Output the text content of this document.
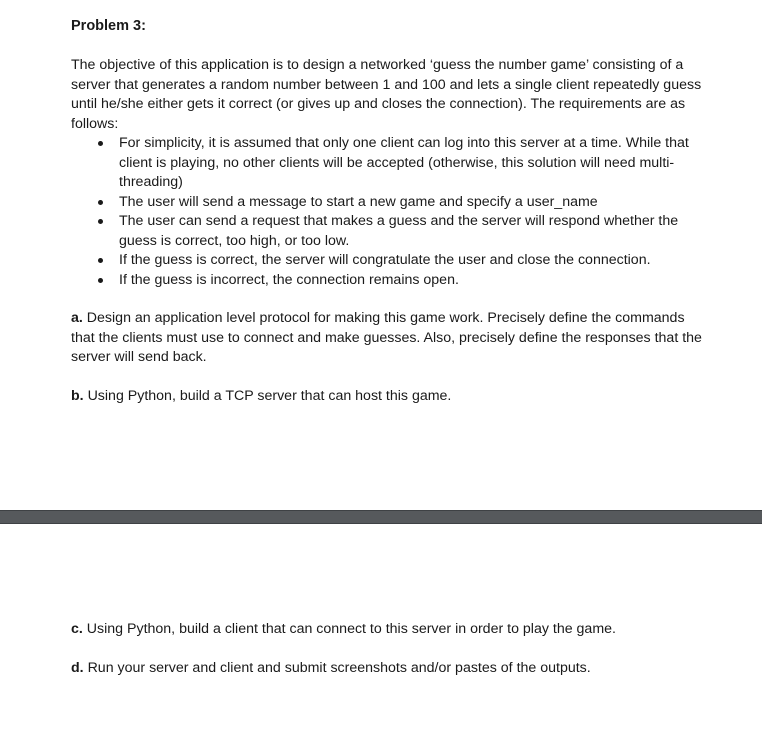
Problem 3:
The objective of this application is to design a networked ‘guess the number game’ consisting of a server that generates a random number between 1 and 100 and lets a single client repeatedly guess until he/she either gets it correct (or gives up and closes the connection). The requirements are as follows:
For simplicity, it is assumed that only one client can log into this server at a time. While that client is playing, no other clients will be accepted (otherwise, this solution will need multi-threading)
The user will send a message to start a new game and specify a user_name
The user can send a request that makes a guess and the server will respond whether the guess is correct, too high, or too low.
If the guess is correct, the server will congratulate the user and close the connection.
If the guess is incorrect, the connection remains open.
a. Design an application level protocol for making this game work. Precisely define the commands that the clients must use to connect and make guesses. Also, precisely define the responses that the server will send back.
b. Using Python, build a TCP server that can host this game.
c. Using Python, build a client that can connect to this server in order to play the game.
d. Run your server and client and submit screenshots and/or pastes of the outputs.
